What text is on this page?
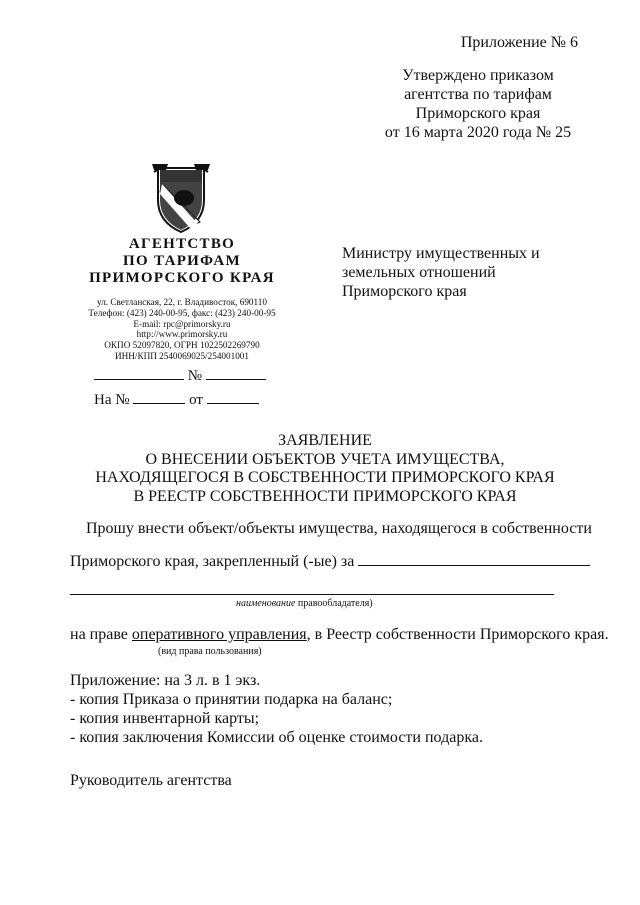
Приложение № 6
Утверждено приказом
агентства по тарифам
Приморского края
от 16 марта 2020 года № 25
АГЕНТСТВО
ПО ТАРИФАМ
ПРИМОРСКОГО КРАЯ
ул. Светланская, 22, г. Владивосток, 690110
Телефон: (423) 240-00-95, факс: (423) 240-00-95
E-mail: rpc@primorsky.ru
http://www.primorsky.ru
ОКПО 52097820, ОГРН 1022502269790
ИНН/КПП 2540069025/254001001
№
На №	от
Министру имущественных и
земельных отношений
Приморского края
ЗАЯВЛЕНИЕ
О ВНЕСЕНИИ ОБЪЕКТОВ УЧЕТА ИМУЩЕСТВА,
НАХОДЯЩЕГОСЯ В СОБСТВЕННОСТИ ПРИМОРСКОГО КРАЯ
В РЕЕСТР СОБСТВЕННОСТИ ПРИМОРСКОГО КРАЯ
Прошу внести объект/объекты имущества, находящегося в собственности
Приморского края, закрепленный (-ые) за
наименование правообладателя)
на праве оперативного управления, в Реестр собственности Приморского края.
(вид права пользования)
Приложение: на 3 л. в 1 экз.
- копия Приказа о принятии подарка на баланс;
- копия инвентарной карты;
- копия заключения Комиссии об оценке стоимости подарка.
Руководитель агентства
